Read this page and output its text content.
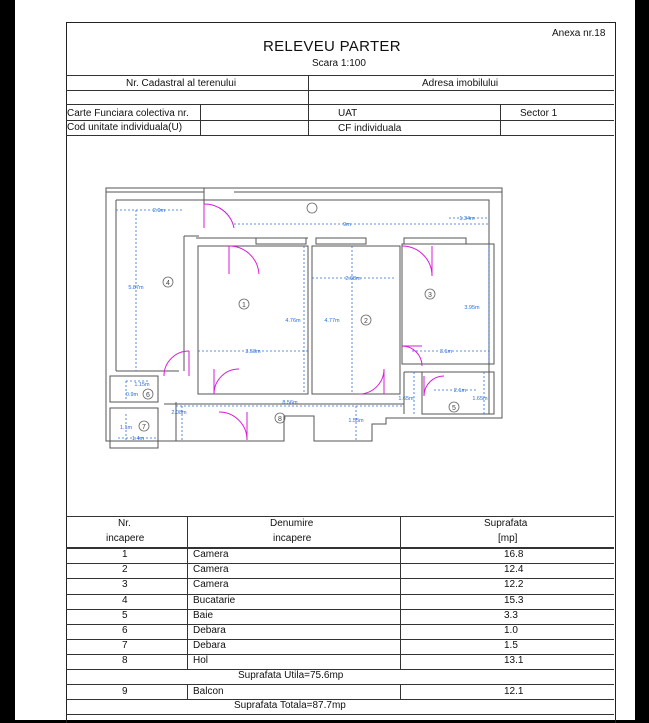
Anexa nr.18
RELEVEU PARTER
Scara 1:100
Nr. Cadastral al terenului	Adresa imobilului
Carte Funciara colectiva nr.	UAT	Sector 1
Cod unitate individuala(U)	CF individuala
1
2
3
4
5
6
7
8
2.9m
1.34m
9m
5.87m
2.68m
3.95m
4.76m	4.77m
3.58m	3.1m
1.15m
0.9m
2.1m
1.65m	1.65m
8.56m
2.08m
1.55m
1.1m
1.4m
Nr.
incapere
Denumire
incapere
Suprafata
[mp]
1	Camera	16.8
2	Camera	12.4
3	Camera	12.2
4	Bucatarie	15.3
5	Baie	3.3
6	Debara	1.0
7	Debara	1.5
8	Hol	13.1
Suprafata Utila=75.6mp
9	Balcon	12.1
Suprafata Totala=87.7mp
